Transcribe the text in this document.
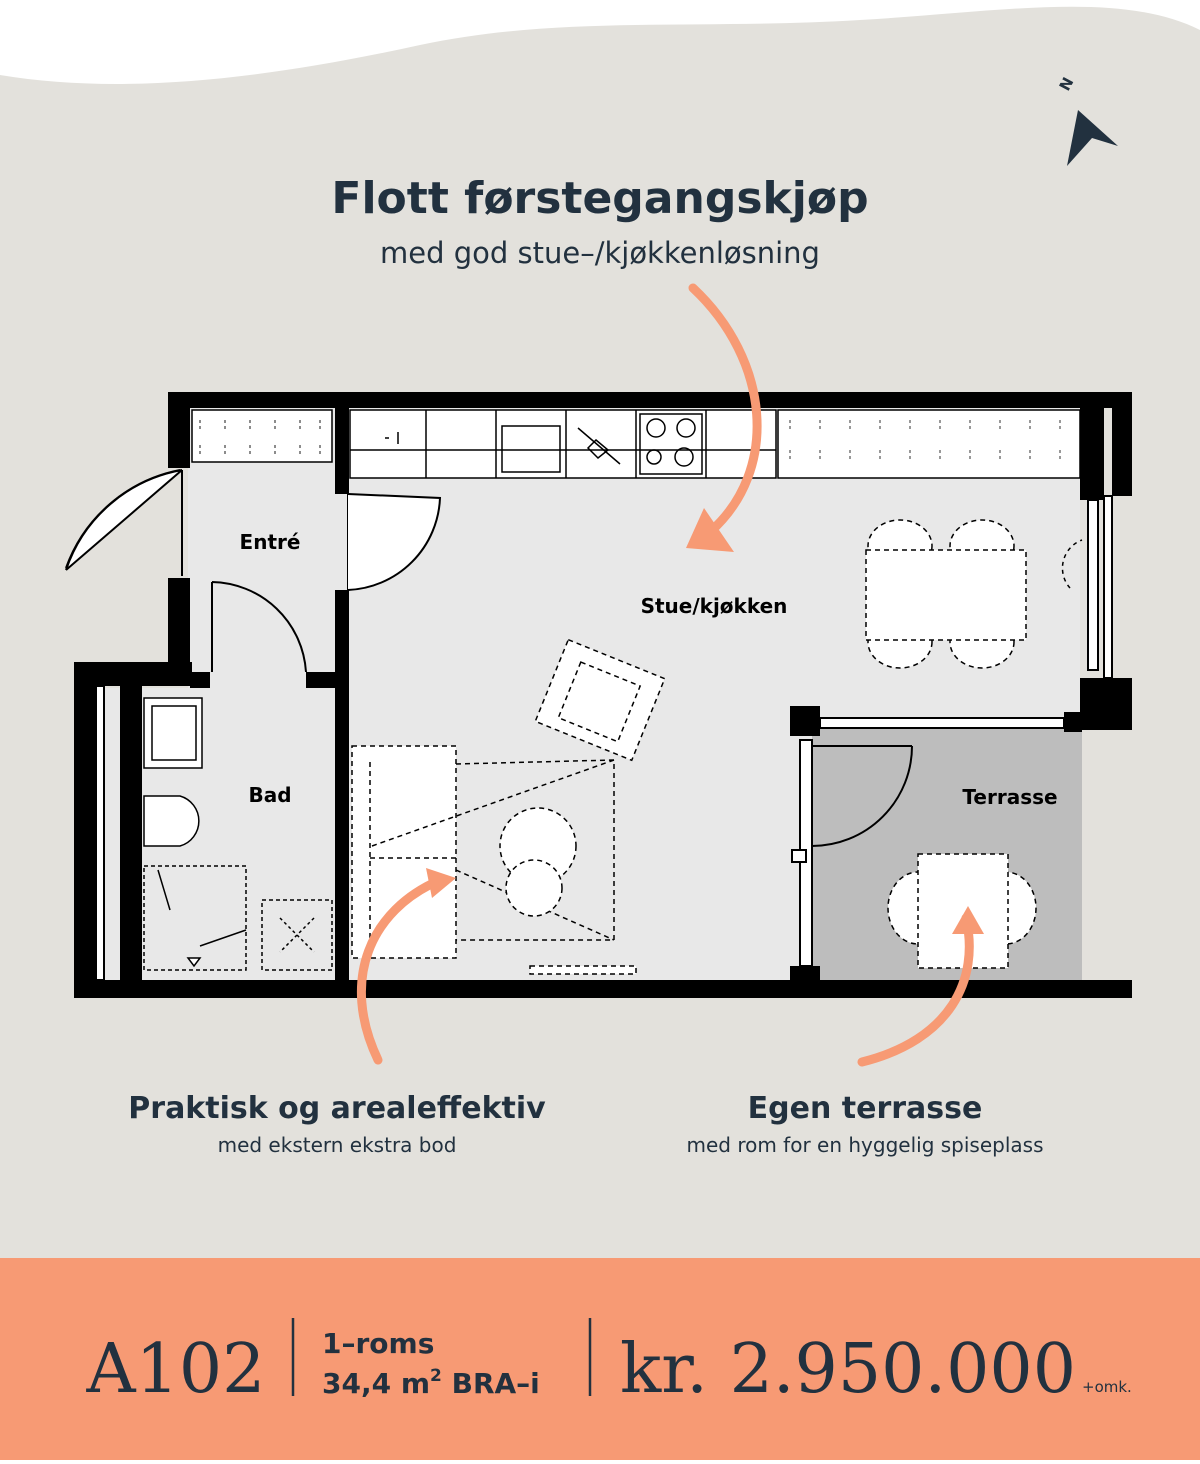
N
Flott førstegangskjøp
med god stue–/kjøkkenløsning
Entré
Stue/kjøkken
Bad	Terrasse
Praktisk og arealeffektiv
med ekstern ekstra bod
Egen terrasse
med rom for en hyggelig spiseplass
A102 1–roms
34,4 $m^2$ BRA–i kr. 2.950.000 +omk.
